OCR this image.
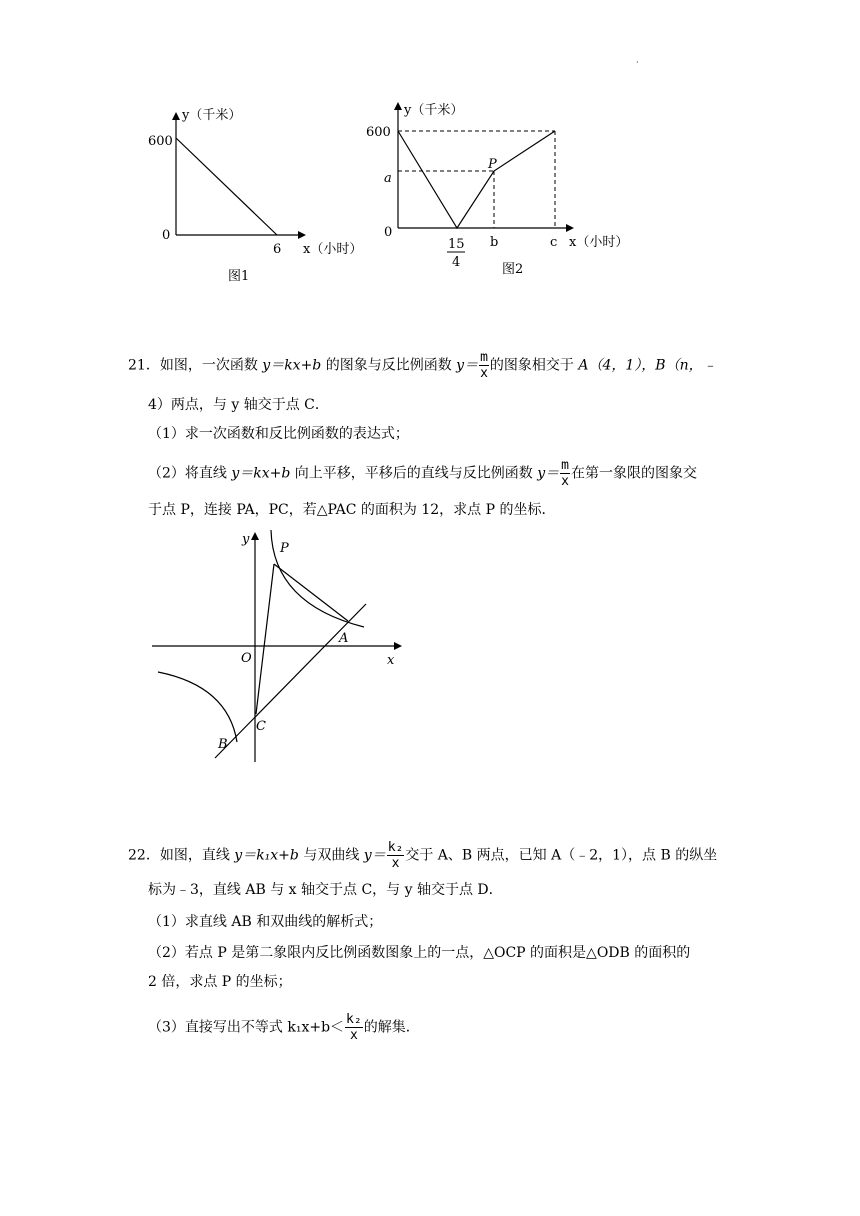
·
y（千米）
600
0
6 x（小时）
图1
y（千米）
600
a
0
P
15
4
b	c x（小时）
图2
21．如图，一次函数 y＝kx+b 的图象与反比例函数 $y= \frac{m}{x}$ 的图象相交于 A（4，1），B（n，﹣
4）两点，与 y 轴交于点 C．
（1）求一次函数和反比例函数的表达式；
（2）将直线 y＝kx+b 向上平移，平移后的直线与反比例函数 $y= \frac{m}{x}$ 在第一象限的图象交
于点 P，连接 PA，PC，若△PAC 的面积为 12，求点 P 的坐标．
y
x
O
P
A
C
B
22．如图，直线 y＝k₁x+b 与双曲线 $y= \frac{\text{k₂}}{x}$ 交于 A、B 两点，已知 A（﹣2，1），点 B 的纵坐
标为﹣3，直线 AB 与 x 轴交于点 C，与 y 轴交于点 D．
（1）求直线 AB 和双曲线的解析式；
（2）若点 P 是第二象限内反比例函数图象上的一点，△OCP 的面积是△ODB 的面积的
2 倍，求点 P 的坐标；
（3）直接写出不等式 $k_1x+b< \frac{\text{k₂}}{x}$ 的解集．
